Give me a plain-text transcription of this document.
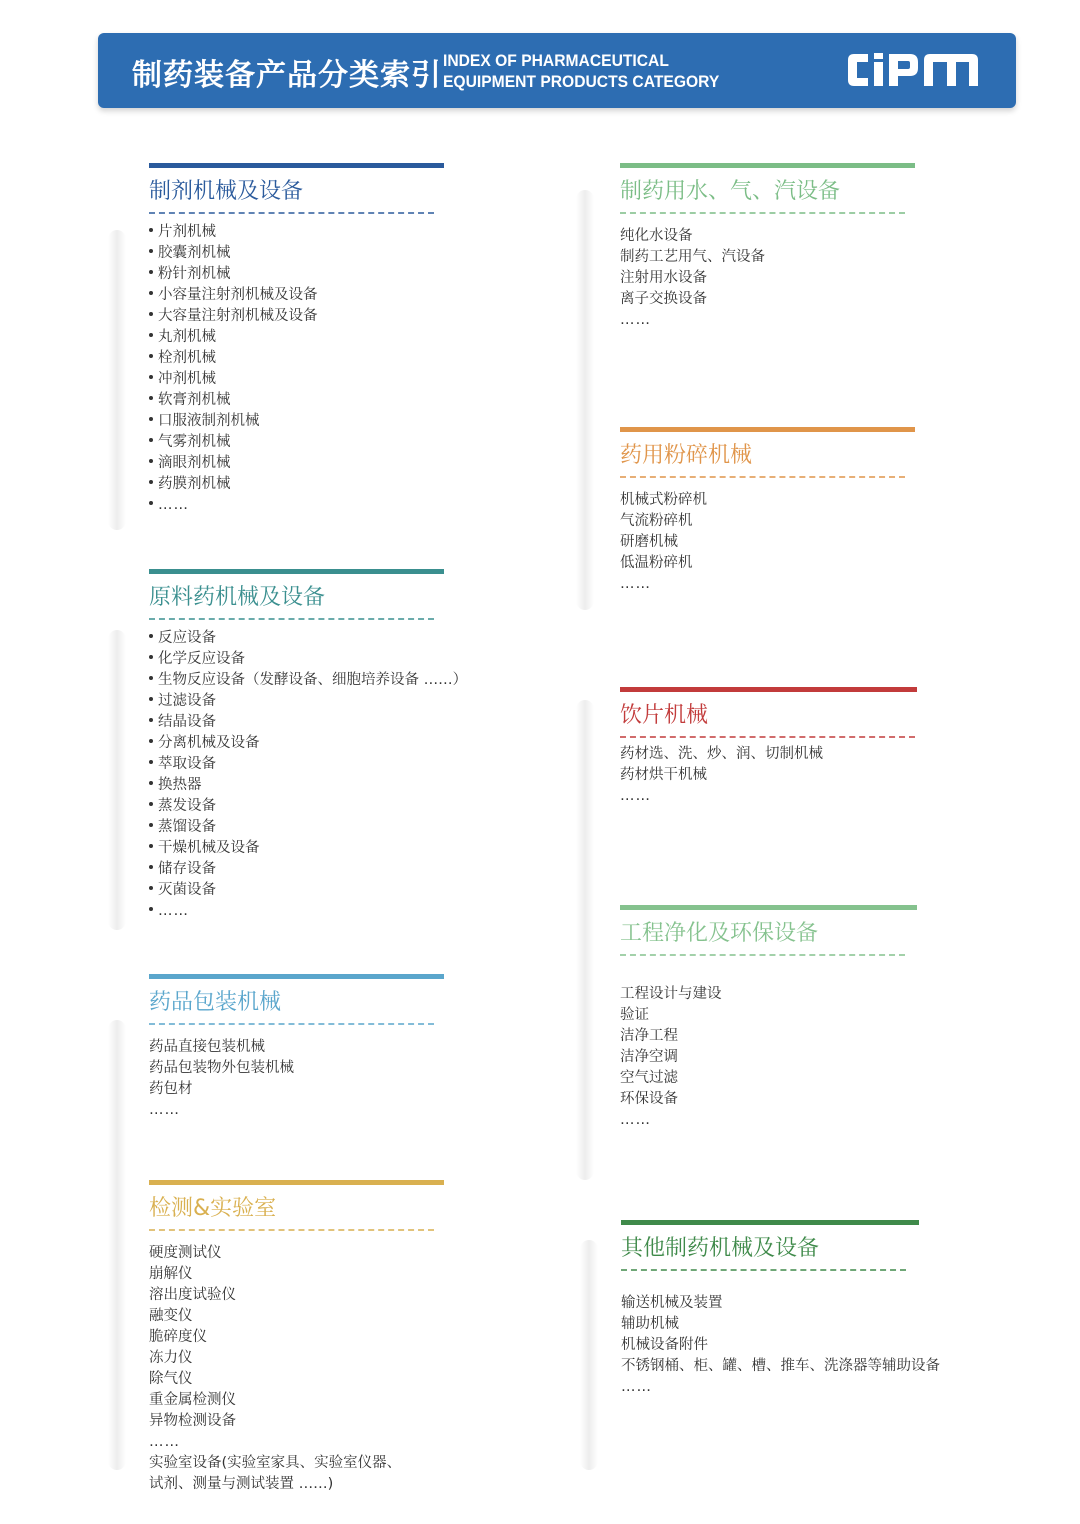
制药装备产品分类索引 INDEX OF PHARMACEUTICAL
EQUIPMENT PRODUCTS CATEGORY
制剂机械及设备
片剂机械
胶囊剂机械
粉针剂机械
小容量注射剂机械及设备
大容量注射剂机械及设备
丸剂机械
栓剂机械
冲剂机械
软膏剂机械
口服液制剂机械
气雾剂机械
滴眼剂机械
药膜剂机械
……
原料药机械及设备
反应设备
化学反应设备
生物反应设备（发酵设备、细胞培养设备 ……）
过滤设备
结晶设备
分离机械及设备
萃取设备
换热器
蒸发设备
蒸馏设备
干燥机械及设备
储存设备
灭菌设备
……
药品包装机械
药品直接包装机械
药品包装物外包装机械
药包材
……
检测&实验室
硬度测试仪
崩解仪
溶出度试验仪
融变仪
脆碎度仪
冻力仪
除气仪
重金属检测仪
异物检测设备
……
实验室设备(实验室家具、实验室仪器、
试剂、测量与测试装置 ……)
制药用水、气、汽设备
纯化水设备
制药工艺用气、汽设备
注射用水设备
离子交换设备
……
药用粉碎机械
机械式粉碎机
气流粉碎机
研磨机械
低温粉碎机
……
饮片机械
药材选、洗、炒、润、切制机械
药材烘干机械
……
工程净化及环保设备
工程设计与建设
验证
洁净工程
洁净空调
空气过滤
环保设备
……
其他制药机械及设备
输送机械及装置
辅助机械
机械设备附件
不锈钢桶、柜、罐、槽、推车、洗涤器等辅助设备
……
